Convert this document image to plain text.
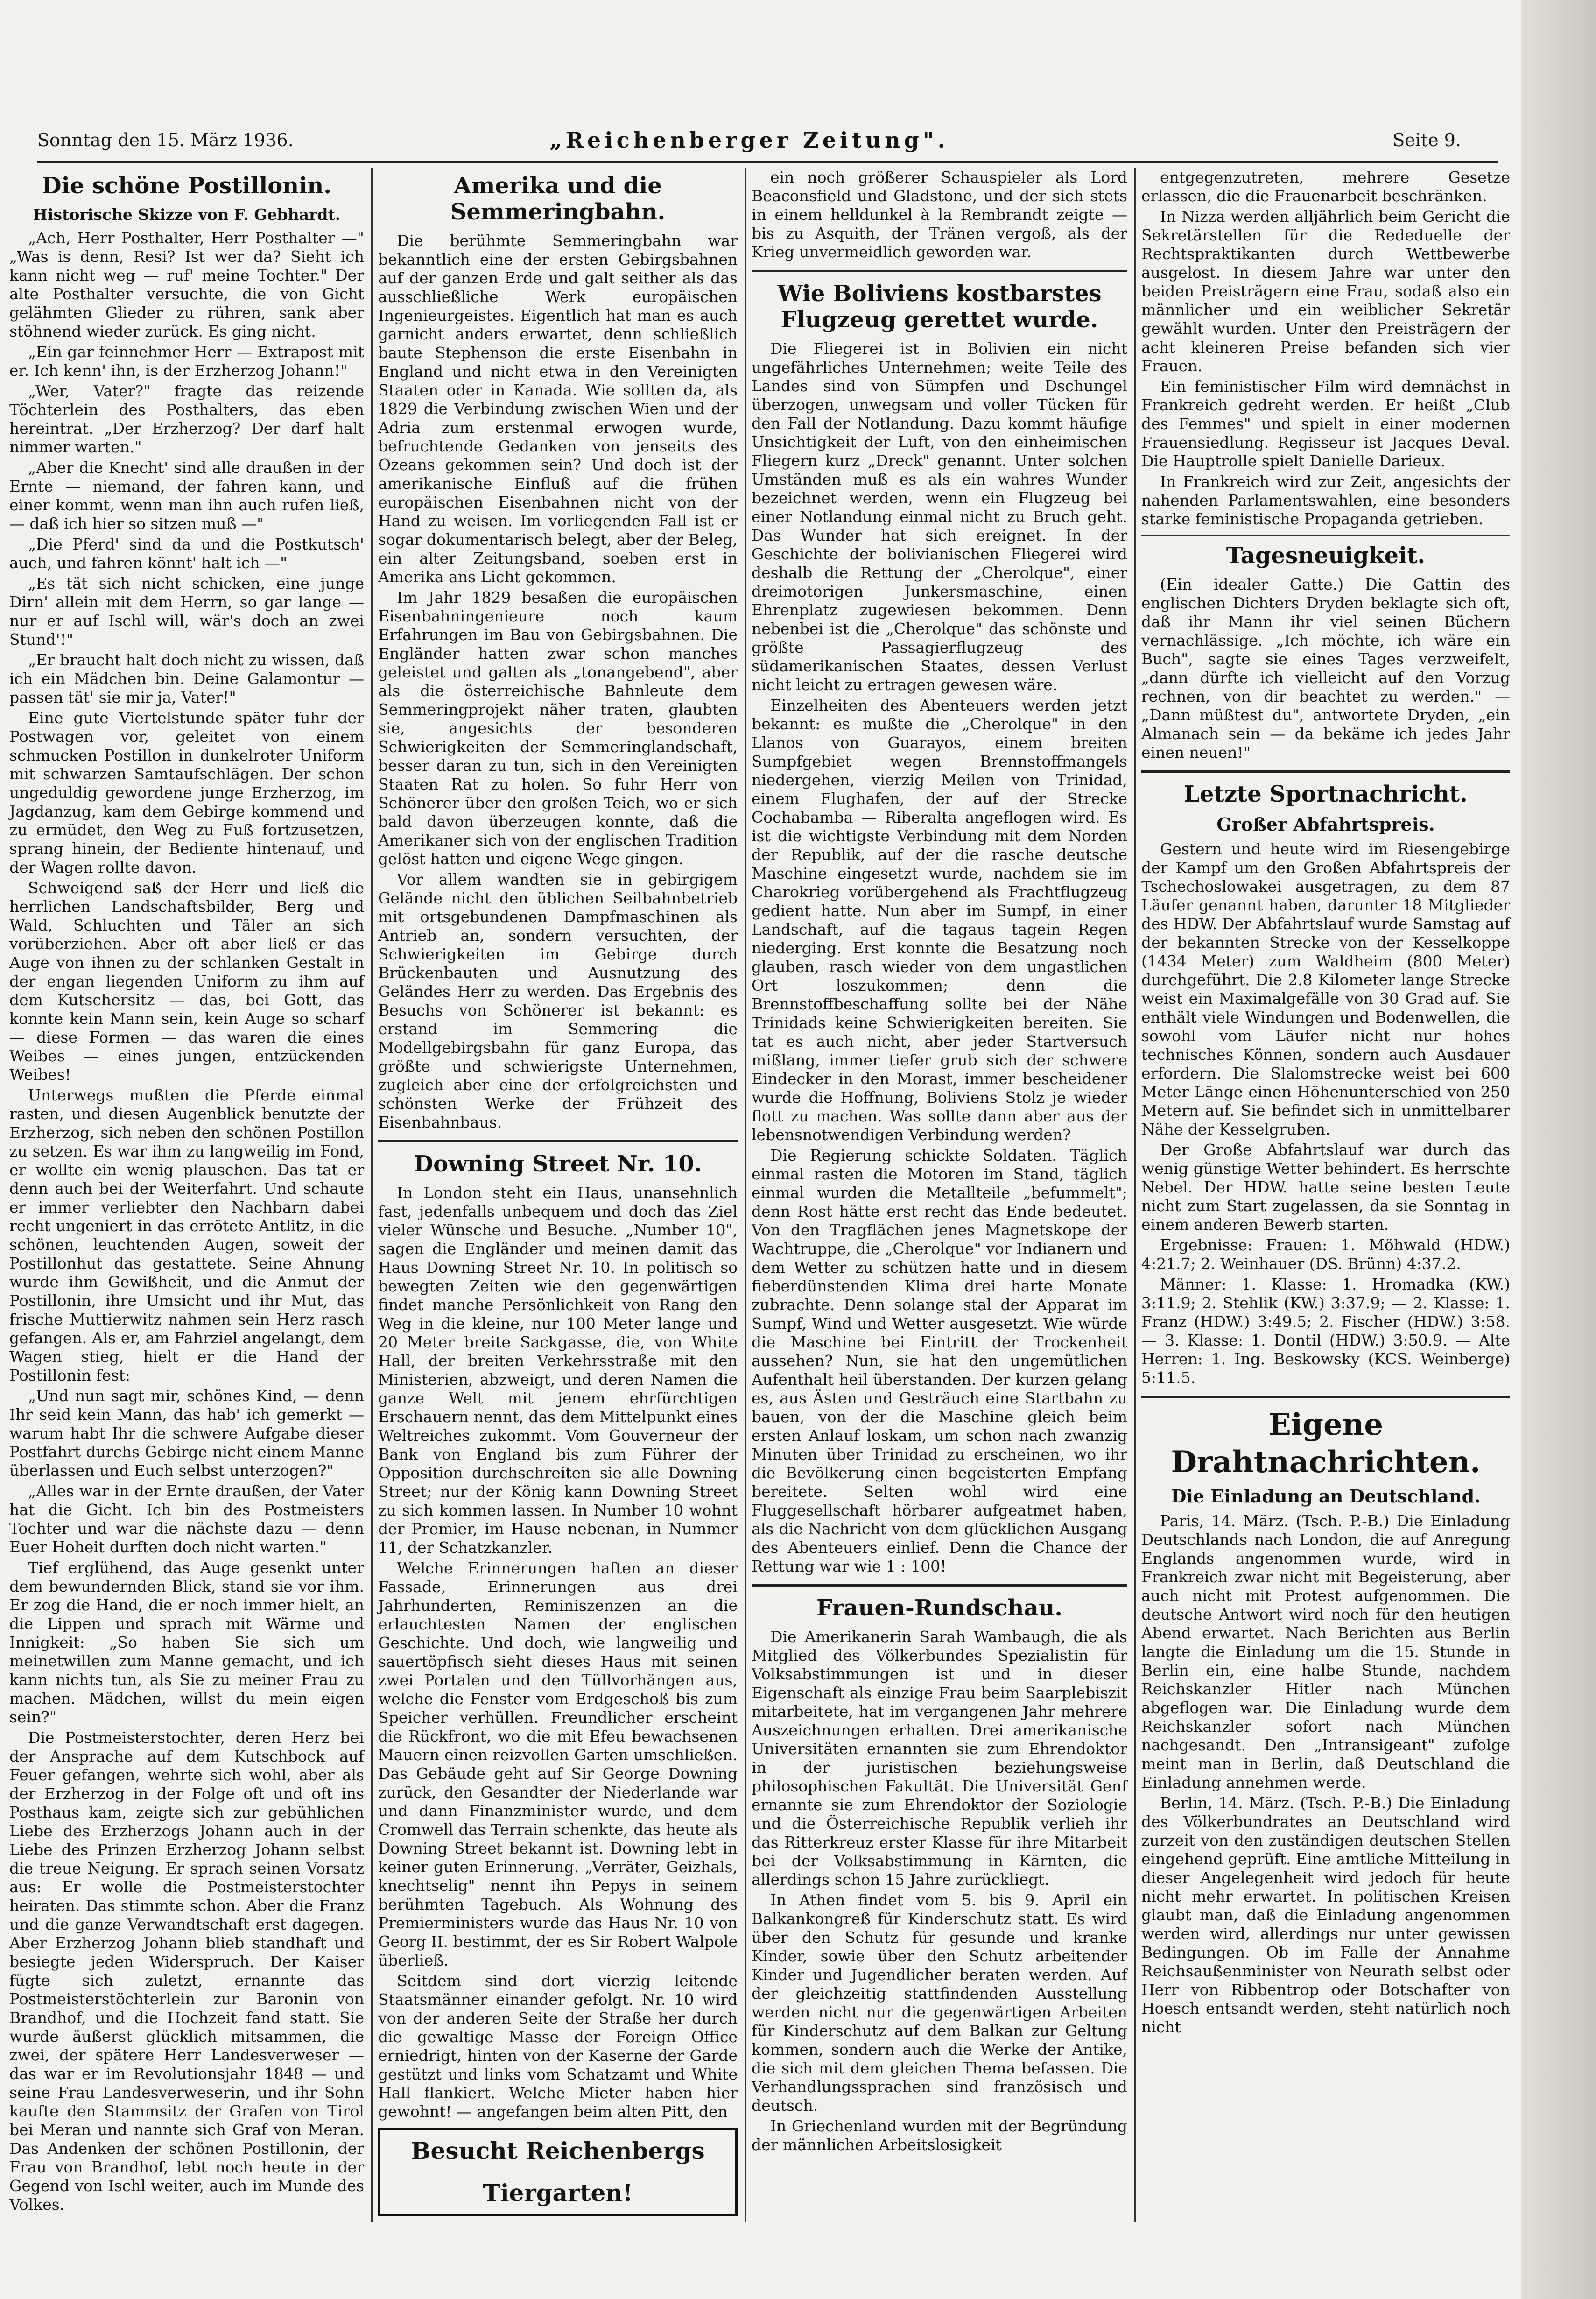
Sonntag den 15. März 1936.	„Reichenberger Zeitung".	Seite 9.
Die schöne Postillonin.

Historische Skizze von F. Gebhardt.

„Ach, Herr Posthalter, Herr Posthalter —" „Was is denn, Resi? Ist wer da? Sieht ich kann nicht weg — ruf' meine Tochter." Der alte Posthalter versuchte, die von Gicht gelähmten Glieder zu rühren, sank aber stöhnend wieder zurück. Es ging nicht.

„Ein gar feinnehmer Herr — Extrapost mit er. Ich kenn' ihn, is der Erzherzog Johann!"

„Wer, Vater?" fragte das reizende Töchterlein des Posthalters, das eben hereintrat. „Der Erzherzog? Der darf halt nimmer warten."

„Aber die Knecht' sind alle draußen in der Ernte — niemand, der fahren kann, und einer kommt, wenn man ihn auch rufen ließ, — daß ich hier so sitzen muß —"

„Die Pferd' sind da und die Postkutsch' auch, und fahren könnt' halt ich —"

„Es tät sich nicht schicken, eine junge Dirn' allein mit dem Herrn, so gar lange — nur er auf Ischl will, wär's doch an zwei Stund'!"

„Er braucht halt doch nicht zu wissen, daß ich ein Mädchen bin. Deine Galamontur — passen tät' sie mir ja, Vater!"

Eine gute Viertelstunde später fuhr der Postwagen vor, geleitet von einem schmucken Postillon in dunkelroter Uniform mit schwarzen Samtaufschlägen. Der schon ungeduldig gewordene junge Erzherzog, im Jagdanzug, kam dem Gebirge kommend und zu ermüdet, den Weg zu Fuß fortzusetzen, sprang hinein, der Bediente hintenauf, und der Wagen rollte davon.

Schweigend saß der Herr und ließ die herrlichen Landschaftsbilder, Berg und Wald, Schluchten und Täler an sich vorüberziehen. Aber oft aber ließ er das Auge von ihnen zu der schlanken Gestalt in der engan liegenden Uniform zu ihm auf dem Kutschersitz — das, bei Gott, das konnte kein Mann sein, kein Auge so scharf — diese Formen — das waren die eines Weibes — eines jungen, entzückenden Weibes!

Unterwegs mußten die Pferde einmal rasten, und diesen Augenblick benutzte der Erzherzog, sich neben den schönen Postillon zu setzen. Es war ihm zu langweilig im Fond, er wollte ein wenig plauschen. Das tat er denn auch bei der Weiterfahrt. Und schaute er immer verliebter den Nachbarn dabei recht ungeniert in das errötete Antlitz, in die schönen, leuchtenden Augen, soweit der Postillonhut das gestattete. Seine Ahnung wurde ihm Gewißheit, und die Anmut der Postillonin, ihre Umsicht und ihr Mut, das frische Muttierwitz nahmen sein Herz rasch gefangen. Als er, am Fahrziel angelangt, dem Wagen stieg, hielt er die Hand der Postillonin fest:

„Und nun sagt mir, schönes Kind, — denn Ihr seid kein Mann, das hab' ich gemerkt — warum habt Ihr die schwere Aufgabe dieser Postfahrt durchs Gebirge nicht einem Manne überlassen und Euch selbst unterzogen?"

„Alles war in der Ernte draußen, der Vater hat die Gicht. Ich bin des Postmeisters Tochter und war die nächste dazu — denn Euer Hoheit durften doch nicht warten."

Tief erglühend, das Auge gesenkt unter dem bewundernden Blick, stand sie vor ihm. Er zog die Hand, die er noch immer hielt, an die Lippen und sprach mit Wärme und Innigkeit: „So haben Sie sich um meinetwillen zum Manne gemacht, und ich kann nichts tun, als Sie zu meiner Frau zu machen. Mädchen, willst du mein eigen sein?"

Die Postmeisterstochter, deren Herz bei der Ansprache auf dem Kutschbock auf Feuer gefangen, wehrte sich wohl, aber als der Erzherzog in der Folge oft und oft ins Posthaus kam, zeigte sich zur gebühlichen Liebe des Erzherzogs Johann auch in der Liebe des Prinzen Erzherzog Johann selbst die treue Neigung. Er sprach seinen Vorsatz aus: Er wolle die Postmeisterstochter heiraten. Das stimmte schon. Aber die Franz und die ganze Verwandtschaft erst dagegen. Aber Erzherzog Johann blieb standhaft und besiegte jeden Widerspruch. Der Kaiser fügte sich zuletzt, ernannte das Postmeisterstöchterlein zur Baronin von Brandhof, und die Hochzeit fand statt. Sie wurde äußerst glücklich mitsammen, die zwei, der spätere Herr Landesverweser — das war er im Revolutionsjahr 1848 — und seine Frau Landesverweserin, und ihr Sohn kaufte den Stammsitz der Grafen von Tirol bei Meran und nannte sich Graf von Meran. Das Andenken der schönen Postillonin, der Frau von Brandhof, lebt noch heute in der Gegend von Ischl weiter, auch im Munde des Volkes.

Amerika und die Semmeringbahn.

Die berühmte Semmeringbahn war bekanntlich eine der ersten Gebirgsbahnen auf der ganzen Erde und galt seither als das ausschließliche Werk europäischen Ingenieurgeistes. Eigentlich hat man es auch garnicht anders erwartet, denn schließlich baute Stephenson die erste Eisenbahn in England und nicht etwa in den Vereinigten Staaten oder in Kanada. Wie sollten da, als 1829 die Verbindung zwischen Wien und der Adria zum erstenmal erwogen wurde, befruchtende Gedanken von jenseits des Ozeans gekommen sein? Und doch ist der amerikanische Einfluß auf die frühen europäischen Eisenbahnen nicht von der Hand zu weisen. Im vorliegenden Fall ist er sogar dokumentarisch belegt, aber der Beleg, ein alter Zeitungsband, soeben erst in Amerika ans Licht gekommen.

Im Jahr 1829 besaßen die europäischen Eisenbahningenieure noch kaum Erfahrungen im Bau von Gebirgsbahnen. Die Engländer hatten zwar schon manches geleistet und galten als „tonangebend", aber als die österreichische Bahnleute dem Semmeringprojekt näher traten, glaubten sie, angesichts der besonderen Schwierigkeiten der Semmeringlandschaft, besser daran zu tun, sich in den Vereinigten Staaten Rat zu holen. So fuhr Herr von Schönerer über den großen Teich, wo er sich bald davon überzeugen konnte, daß die Amerikaner sich von der englischen Tradition gelöst hatten und eigene Wege gingen.

Vor allem wandten sie in gebirgigem Gelände nicht den üblichen Seilbahnbetrieb mit ortsgebundenen Dampfmaschinen als Antrieb an, sondern versuchten, der Schwierigkeiten im Gebirge durch Brückenbauten und Ausnutzung des Geländes Herr zu werden. Das Ergebnis des Besuchs von Schönerer ist bekannt: es erstand im Semmering die Modellgebirgsbahn für ganz Europa, das größte und schwierigste Unternehmen, zugleich aber eine der erfolgreichsten und schönsten Werke der Frühzeit des Eisenbahnbaus.

Downing Street Nr. 10.

In London steht ein Haus, unansehnlich fast, jedenfalls unbequem und doch das Ziel vieler Wünsche und Besuche. „Number 10", sagen die Engländer und meinen damit das Haus Downing Street Nr. 10. In politisch so bewegten Zeiten wie den gegenwärtigen findet manche Persönlichkeit von Rang den Weg in die kleine, nur 100 Meter lange und 20 Meter breite Sackgasse, die, von White Hall, der breiten Verkehrsstraße mit den Ministerien, abzweigt, und deren Namen die ganze Welt mit jenem ehrfürchtigen Erschauern nennt, das dem Mittelpunkt eines Weltreiches zukommt. Vom Gouverneur der Bank von England bis zum Führer der Opposition durchschreiten sie alle Downing Street; nur der König kann Downing Street zu sich kommen lassen. In Number 10 wohnt der Premier, im Hause nebenan, in Nummer 11, der Schatzkanzler.

Welche Erinnerungen haften an dieser Fassade, Erinnerungen aus drei Jahrhunderten, Reminiszenzen an die erlauchtesten Namen der englischen Geschichte. Und doch, wie langweilig und sauertöpfisch sieht dieses Haus mit seinen zwei Portalen und den Tüllvorhängen aus, welche die Fenster vom Erdgeschoß bis zum Speicher verhüllen. Freundlicher erscheint die Rückfront, wo die mit Efeu bewachsenen Mauern einen reizvollen Garten umschließen. Das Gebäude geht auf Sir George Downing zurück, den Gesandter der Niederlande war und dann Finanzminister wurde, und dem Cromwell das Terrain schenkte, das heute als Downing Street bekannt ist. Downing lebt in keiner guten Erinnerung. „Verräter, Geizhals, knechtselig" nennt ihn Pepys in seinem berühmten Tagebuch. Als Wohnung des Premierministers wurde das Haus Nr. 10 von Georg II. bestimmt, der es Sir Robert Walpole überließ.

Seitdem sind dort vierzig leitende Staatsmänner einander gefolgt. Nr. 10 wird von der anderen Seite der Straße her durch die gewaltige Masse der Foreign Office erniedrigt, hinten von der Kaserne der Garde gestützt und links vom Schatzamt und White Hall flankiert. Welche Mieter haben hier gewohnt! — angefangen beim alten Pitt, den

Besucht Reichenbergs Tiergarten!

ein noch größerer Schauspieler als Lord Beaconsfield und Gladstone, und der sich stets in einem helldunkel à la Rembrandt zeigte — bis zu Asquith, der Tränen vergoß, als der Krieg unvermeidlich geworden war.

Wie Boliviens kostbarstes Flugzeug gerettet wurde.

Die Fliegerei ist in Bolivien ein nicht ungefährliches Unternehmen; weite Teile des Landes sind von Sümpfen und Dschungel überzogen, unwegsam und voller Tücken für den Fall der Notlandung. Dazu kommt häufige Unsichtigkeit der Luft, von den einheimischen Fliegern kurz „Dreck" genannt. Unter solchen Umständen muß es als ein wahres Wunder bezeichnet werden, wenn ein Flugzeug bei einer Notlandung einmal nicht zu Bruch geht. Das Wunder hat sich ereignet. In der Geschichte der bolivianischen Fliegerei wird deshalb die Rettung der „Cherolque", einer dreimotorigen Junkersmaschine, einen Ehrenplatz zugewiesen bekommen. Denn nebenbei ist die „Cherolque" das schönste und größte Passagierflugzeug des südamerikanischen Staates, dessen Verlust nicht leicht zu ertragen gewesen wäre.

Einzelheiten des Abenteuers werden jetzt bekannt: es mußte die „Cherolque" in den Llanos von Guarayos, einem breiten Sumpfgebiet wegen Brennstoffmangels niedergehen, vierzig Meilen von Trinidad, einem Flughafen, der auf der Strecke Cochabamba — Riberalta angeflogen wird. Es ist die wichtigste Verbindung mit dem Norden der Republik, auf der die rasche deutsche Maschine eingesetzt wurde, nachdem sie im Charokrieg vorübergehend als Frachtflugzeug gedient hatte. Nun aber im Sumpf, in einer Landschaft, auf die tagaus tagein Regen niederging. Erst konnte die Besatzung noch glauben, rasch wieder von dem ungastlichen Ort loszukommen; denn die Brennstoffbeschaffung sollte bei der Nähe Trinidads keine Schwierigkeiten bereiten. Sie tat es auch nicht, aber jeder Startversuch mißlang, immer tiefer grub sich der schwere Eindecker in den Morast, immer bescheidener wurde die Hoffnung, Boliviens Stolz je wieder flott zu machen. Was sollte dann aber aus der lebensnotwendigen Verbindung werden?

Die Regierung schickte Soldaten. Täglich einmal rasten die Motoren im Stand, täglich einmal wurden die Metallteile „befummelt"; denn Rost hätte erst recht das Ende bedeutet. Von den Tragflächen jenes Magnetskope der Wachtruppe, die „Cherolque" vor Indianern und dem Wetter zu schützen hatte und in diesem fieberdünstenden Klima drei harte Monate zubrachte. Denn solange stal der Apparat im Sumpf, Wind und Wetter ausgesetzt. Wie würde die Maschine bei Eintritt der Trockenheit aussehen? Nun, sie hat den ungemütlichen Aufenthalt heil überstanden. Der kurzen gelang es, aus Ästen und Gesträuch eine Startbahn zu bauen, von der die Maschine gleich beim ersten Anlauf loskam, um schon nach zwanzig Minuten über Trinidad zu erscheinen, wo ihr die Bevölkerung einen begeisterten Empfang bereitete. Selten wohl wird eine Fluggesellschaft hörbarer aufgeatmet haben, als die Nachricht von dem glücklichen Ausgang des Abenteuers einlief. Denn die Chance der Rettung war wie 1 : 100!

Frauen-Rundschau.

Die Amerikanerin Sarah Wambaugh, die als Mitglied des Völkerbundes Spezialistin für Volksabstimmungen ist und in dieser Eigenschaft als einzige Frau beim Saarplebiszit mitarbeitete, hat im vergangenen Jahr mehrere Auszeichnungen erhalten. Drei amerikanische Universitäten ernannten sie zum Ehrendoktor in der juristischen beziehungsweise philosophischen Fakultät. Die Universität Genf ernannte sie zum Ehrendoktor der Soziologie und die Österreichische Republik verlieh ihr das Ritterkreuz erster Klasse für ihre Mitarbeit bei der Volksabstimmung in Kärnten, die allerdings schon 15 Jahre zurückliegt.

In Athen findet vom 5. bis 9. April ein Balkankongreß für Kinderschutz statt. Es wird über den Schutz für gesunde und kranke Kinder, sowie über den Schutz arbeitender Kinder und Jugendlicher beraten werden. Auf der gleichzeitig stattfindenden Ausstellung werden nicht nur die gegenwärtigen Arbeiten für Kinderschutz auf dem Balkan zur Geltung kommen, sondern auch die Werke der Antike, die sich mit dem gleichen Thema befassen. Die Verhandlungssprachen sind französisch und deutsch.

In Griechenland wurden mit der Begründung der männlichen Arbeitslosigkeit

entgegenzutreten, mehrere Gesetze erlassen, die die Frauenarbeit beschränken.

In Nizza werden alljährlich beim Gericht die Sekretärstellen für die Rededuelle der Rechtspraktikanten durch Wettbewerbe ausgelost. In diesem Jahre war unter den beiden Preisträgern eine Frau, sodaß also ein männlicher und ein weiblicher Sekretär gewählt wurden. Unter den Preisträgern der acht kleineren Preise befanden sich vier Frauen.

Ein feministischer Film wird demnächst in Frankreich gedreht werden. Er heißt „Club des Femmes" und spielt in einer modernen Frauensiedlung. Regisseur ist Jacques Deval. Die Hauptrolle spielt Danielle Darieux.

In Frankreich wird zur Zeit, angesichts der nahenden Parlamentswahlen, eine besonders starke feministische Propaganda getrieben.

Tagesneuigkeit.

(Ein idealer Gatte.) Die Gattin des englischen Dichters Dryden beklagte sich oft, daß ihr Mann ihr viel seinen Büchern vernachlässige. „Ich möchte, ich wäre ein Buch", sagte sie eines Tages verzweifelt, „dann dürfte ich vielleicht auf den Vorzug rechnen, von dir beachtet zu werden." — „Dann müßtest du", antwortete Dryden, „ein Almanach sein — da bekäme ich jedes Jahr einen neuen!"

Letzte Sportnachricht.
Großer Abfahrtspreis.

Gestern und heute wird im Riesengebirge der Kampf um den Großen Abfahrtspreis der Tschechoslowakei ausgetragen, zu dem 87 Läufer genannt haben, darunter 18 Mitglieder des HDW. Der Abfahrtslauf wurde Samstag auf der bekannten Strecke von der Kesselkoppe (1434 Meter) zum Waldheim (800 Meter) durchgeführt. Die 2.8 Kilometer lange Strecke weist ein Maximalgefälle von 30 Grad auf. Sie enthält viele Windungen und Bodenwellen, die sowohl vom Läufer nicht nur hohes technisches Können, sondern auch Ausdauer erfordern. Die Slalomstrecke weist bei 600 Meter Länge einen Höhenunterschied von 250 Metern auf. Sie befindet sich in unmittelbarer Nähe der Kesselgruben.

Der Große Abfahrtslauf war durch das wenig günstige Wetter behindert. Es herrschte Nebel. Der HDW. hatte seine besten Leute nicht zum Start zugelassen, da sie Sonntag in einem anderen Bewerb starten.

Ergebnisse: Frauen: 1. Möhwald (HDW.) 4:21.7; 2. Weinhauer (DS. Brünn) 4:37.2.

Männer: 1. Klasse: 1. Hromadka (KW.) 3:11.9; 2. Stehlik (KW.) 3:37.9; — 2. Klasse: 1. Franz (HDW.) 3:49.5; 2. Fischer (HDW.) 3:58. — 3. Klasse: 1. Dontil (HDW.) 3:50.9. — Alte Herren: 1. Ing. Beskowsky (KCS. Weinberge) 5:11.5.

Eigene Drahtnachrichten.
Die Einladung an Deutschland.

Paris, 14. März. (Tsch. P.-B.) Die Einladung Deutschlands nach London, die auf Anregung Englands angenommen wurde, wird in Frankreich zwar nicht mit Begeisterung, aber auch nicht mit Protest aufgenommen. Die deutsche Antwort wird noch für den heutigen Abend erwartet. Nach Berichten aus Berlin langte die Einladung um die 15. Stunde in Berlin ein, eine halbe Stunde, nachdem Reichskanzler Hitler nach München abgeflogen war. Die Einladung wurde dem Reichskanzler sofort nach München nachgesandt. Den „Intransigeant" zufolge meint man in Berlin, daß Deutschland die Einladung annehmen werde.

Berlin, 14. März. (Tsch. P.-B.) Die Einladung des Völkerbundrates an Deutschland wird zurzeit von den zuständigen deutschen Stellen eingehend geprüft. Eine amtliche Mitteilung in dieser Angelegenheit wird jedoch für heute nicht mehr erwartet. In politischen Kreisen glaubt man, daß die Einladung angenommen werden wird, allerdings nur unter gewissen Bedingungen. Ob im Falle der Annahme Reichsaußenminister von Neurath selbst oder Herr von Ribbentrop oder Botschafter von Hoesch entsandt werden, steht natürlich noch nicht
